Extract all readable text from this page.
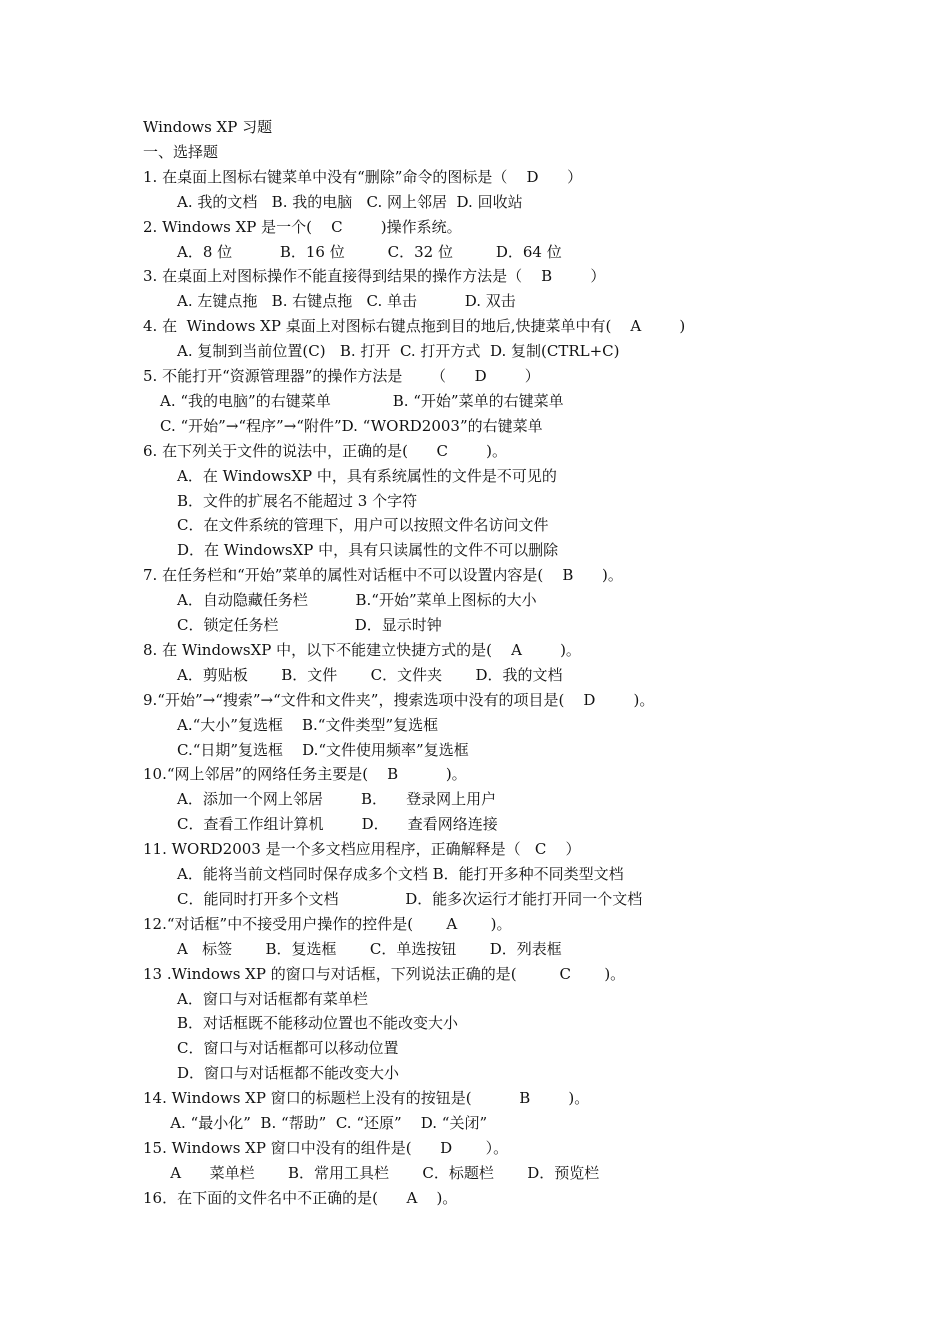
Windows XP 习题
一、选择题
1. 在桌面上图标右键菜单中没有“删除”命令的图标是（    D      ）
A. 我的文档   B. 我的电脑   C. 网上邻居  D. 回收站
2. Windows XP 是一个(    C        )操作系统。
A．8 位          B．16 位         C．32 位         D．64 位
3. 在桌面上对图标操作不能直接得到结果的操作方法是（    B        ）
A. 左键点拖   B. 右键点拖   C. 单击          D. 双击
4. 在  Windows XP 桌面上对图标右键点拖到目的地后,快捷菜单中有(    A        )
A. 复制到当前位置(C)   B. 打开  C. 打开方式  D. 复制(CTRL+C)
5. 不能打开“资源管理器”的操作方法是      （      D        ）
A. “我的电脑”的右键菜单             B. “开始”菜单的右键菜单
C. “开始”→“程序”→“附件”D. “WORD2003”的右键菜单
6. 在下列关于文件的说法中，正确的是(      C        )。
A．在 WindowsXP 中，具有系统属性的文件是不可见的
B．文件的扩展名不能超过 3 个字符
C．在文件系统的管理下，用户可以按照文件名访问文件
D．在 WindowsXP 中，具有只读属性的文件不可以删除
7. 在任务栏和“开始”菜单的属性对话框中不可以设置内容是(    B      )。
A．自动隐藏任务栏          B.“开始”菜单上图标的大小
C．锁定任务栏                D．显示时钟
8. 在 WindowsXP 中，以下不能建立快捷方式的是(    A        )。
A．剪贴板       B．文件       C．文件夹       D．我的文档
9.“开始”→“搜索”→“文件和文件夹”，搜索选项中没有的项目是(    D        )。
A.“大小”复选框    B.“文件类型”复选框
C.“日期”复选框    D.“文件使用频率”复选框
10.“网上邻居”的网络任务主要是(    B          )。
A．添加一个网上邻居        B．    登录网上用户
C．查看工作组计算机        D．    查看网络连接
11. WORD2003 是一个多文档应用程序，正确解释是（   C    ）
A．能将当前文档同时保存成多个文档 B．能打开多种不同类型文档
C．能同时打开多个文档              D．能多次运行才能打开同一个文档
12.“对话框”中不接受用户操作的控件是(       A       )。
A   标签       B．复选框       C．单选按钮       D．列表框
13 .Windows XP 的窗口与对话框，下列说法正确的是(         C       )。
A．窗口与对话框都有菜单栏
B．对话框既不能移动位置也不能改变大小
C．窗口与对话框都可以移动位置
D．窗口与对话框都不能改变大小
14. Windows XP 窗口的标题栏上没有的按钮是(          B        )。
A. “最小化”  B. “帮助”  C. “还原”    D. “关闭”
15. Windows XP 窗口中没有的组件是(      D       ）。
A      菜单栏       B．常用工具栏       C．标题栏       D．预览栏
16．在下面的文件名中不正确的是(      A    )。
